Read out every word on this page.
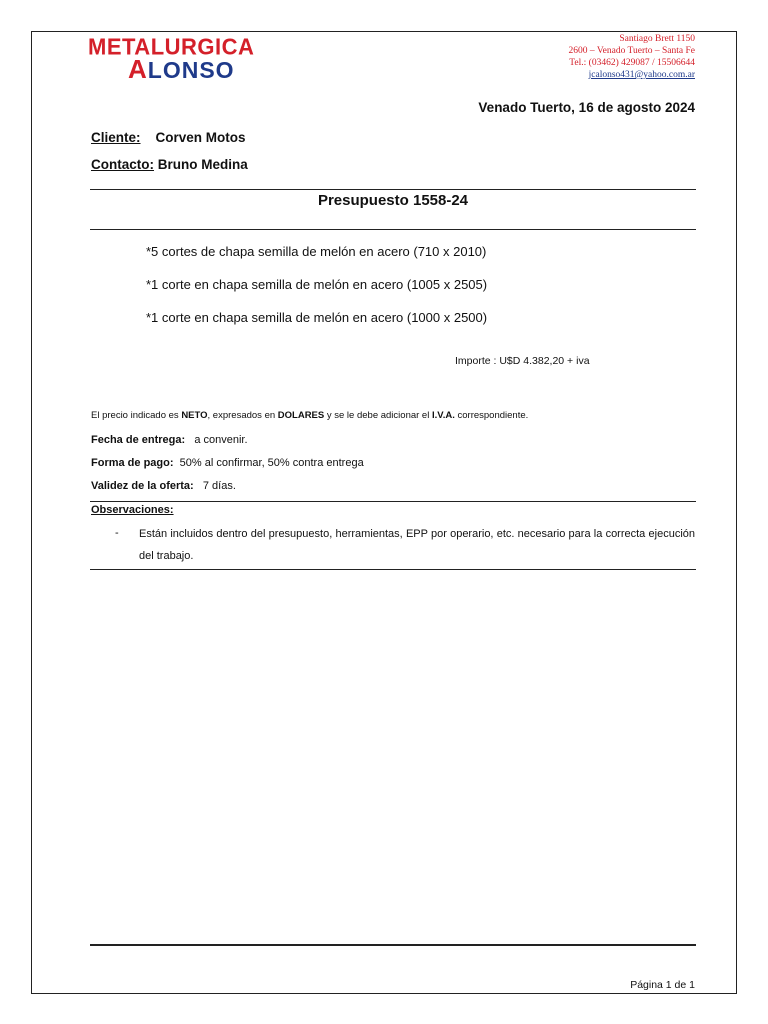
METALURGICA
ALONSO
Santiago Brett 1150
2600 – Venado Tuerto – Santa Fe
Tel.: (03462) 429087 / 15506644
jcalonso431@yahoo.com.ar
Venado Tuerto, 16 de agosto 2024
Cliente: Corven Motos
Contacto: Bruno Medina
Presupuesto 1558-24
*5 cortes de chapa semilla de melón en acero (710 x 2010)
*1 corte en chapa semilla de melón en acero (1005 x 2505)
*1 corte en chapa semilla de melón en acero (1000 x 2500)
Importe : U$D 4.382,20 + iva
El precio indicado es NETO, expresados en DOLARES y se le debe adicionar el I.V.A. correspondiente.
Fecha de entrega: a convenir.
Forma de pago: 50% al confirmar, 50% contra entrega
Validez de la oferta: 7 días.
Observaciones:
- Están incluidos dentro del presupuesto, herramientas, EPP por operario, etc. necesario para la correcta ejecución del trabajo.
Página 1 de 1
